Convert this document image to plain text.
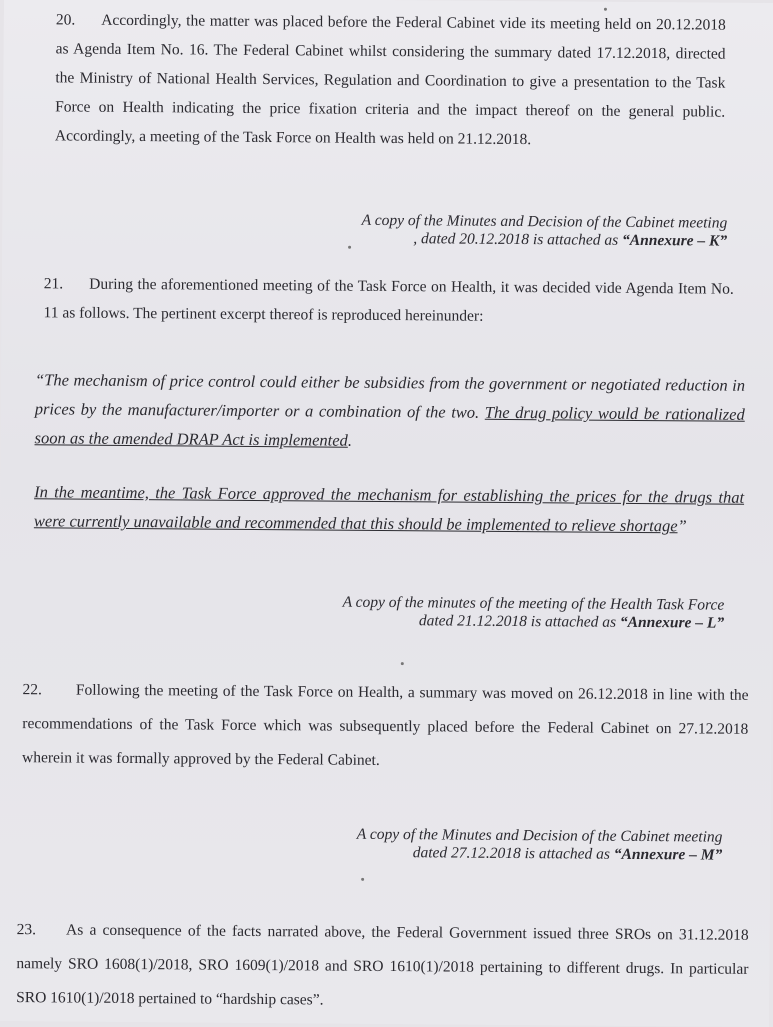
20. Accordingly, the matter was placed before the Federal Cabinet vide its meeting held on 20.12.2018 as Agenda Item No. 16. The Federal Cabinet whilst considering the summary dated 17.12.2018, directed the Ministry of National Health Services, Regulation and Coordination to give a presentation to the Task Force on Health indicating the price fixation criteria and the impact thereof on the general public. Accordingly, a meeting of the Task Force on Health was held on 21.12.2018.

A copy of the Minutes and Decision of the Cabinet meeting
, dated 20.12.2018 is attached as “Annexure – K”

21. During the aforementioned meeting of the Task Force on Health, it was decided vide Agenda Item No. 11 as follows. The pertinent excerpt thereof is reproduced hereinunder:

“The mechanism of price control could either be subsidies from the government or negotiated reduction in prices by the manufacturer/importer or a combination of the two. The drug policy would be rationalized soon as the amended DRAP Act is implemented.

In the meantime, the Task Force approved the mechanism for establishing the prices for the drugs that were currently unavailable and recommended that this should be implemented to relieve shortage”

A copy of the minutes of the meeting of the Health Task Force
dated 21.12.2018 is attached as “Annexure – L”

22. Following the meeting of the Task Force on Health, a summary was moved on 26.12.2018 in line with the recommendations of the Task Force which was subsequently placed before the Federal Cabinet on 27.12.2018 wherein it was formally approved by the Federal Cabinet.

A copy of the Minutes and Decision of the Cabinet meeting
dated 27.12.2018 is attached as “Annexure – M”

23. As a consequence of the facts narrated above, the Federal Government issued three SROs on 31.12.2018 namely SRO 1608(1)/2018, SRO 1609(1)/2018 and SRO 1610(1)/2018 pertaining to different drugs. In particular SRO 1610(1)/2018 pertained to “hardship cases”.
